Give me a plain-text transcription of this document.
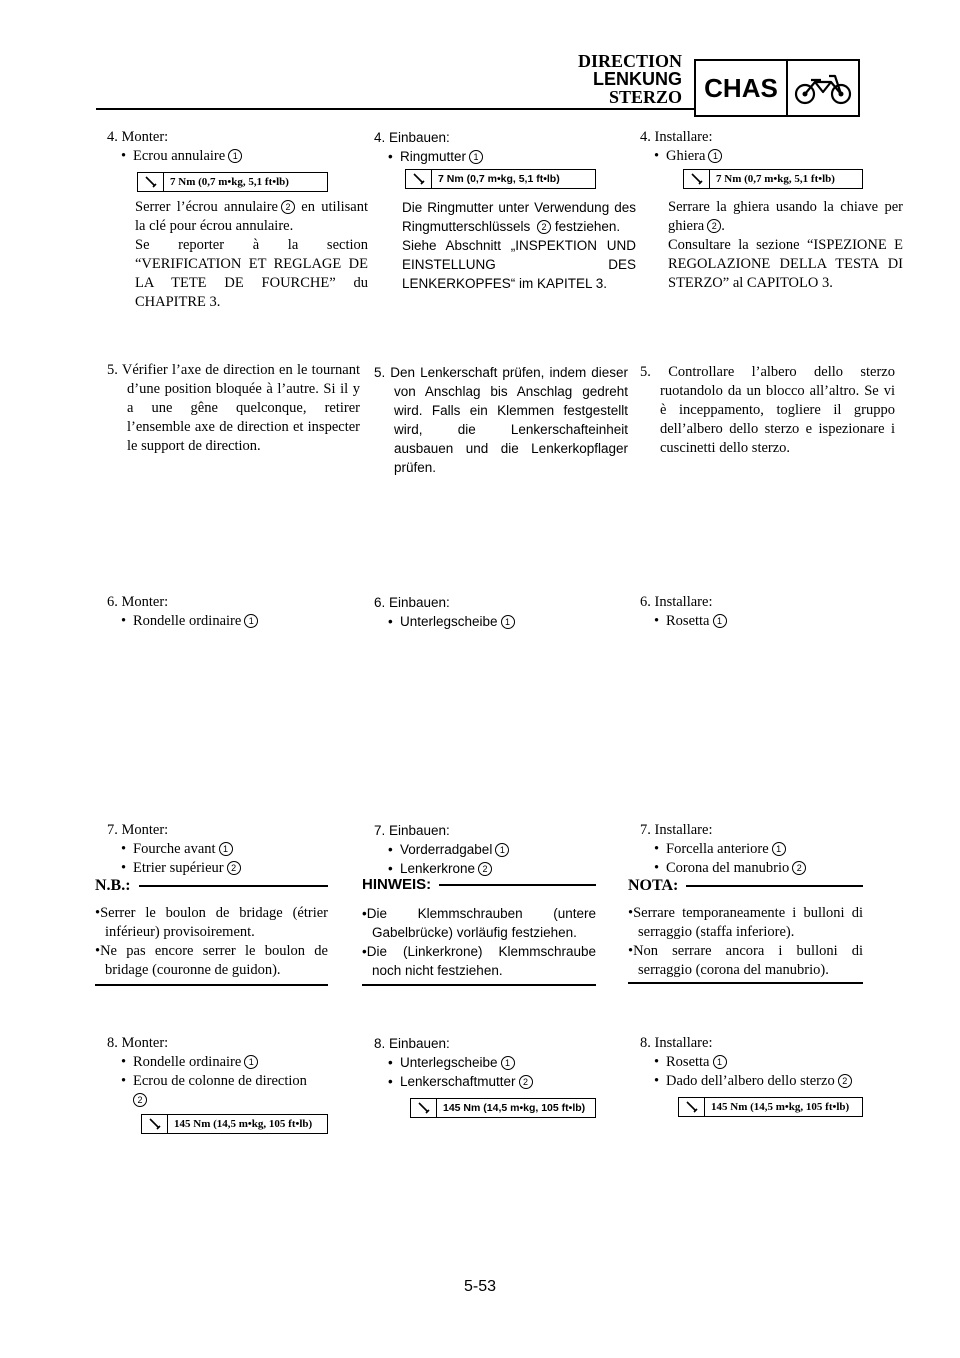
DIRECTION
LENKUNG
STERZO CHAS
4. Monter:
• Ecrou annulaire 1
7 Nm (0,7 m•kg, 5,1 ft•lb)
Serrer l’écrou annulaire 2 en utilisant la clé pour écrou annulaire.
Se reporter à la section “VERIFICATION ET REGLAGE DE LA TETE DE FOURCHE” du CHAPITRE 3.
5. Vérifier l’axe de direction en le tournant d’une position bloquée à l’autre. Si il y a une gêne quelconque, retirer l’ensemble axe de direction et inspecter le support de direction.
6. Monter:
• Rondelle ordinaire 1
7. Monter:
• Fourche avant 1
• Etrier supérieur 2
N.B.:
•Serrer le boulon de bridage (étrier inférieur) provisoirement.
•Ne pas encore serrer le boulon de bridage (couronne de guidon).
8. Monter:
• Rondelle ordinaire 1
• Ecrou de colonne de direction
2
145 Nm (14,5 m•kg, 105 ft•lb)
4. Einbauen:
• Ringmutter 1
7 Nm (0,7 m•kg, 5,1 ft•lb)
Die Ringmutter unter Verwendung des Ringmutterschlüssels 2 festziehen.
Siehe Abschnitt „INSPEKTION UND EINSTELLUNG DES LENKERKOPFES“ im KAPITEL 3.
5. Den Lenkerschaft prüfen, indem dieser von Anschlag bis Anschlag gedreht wird. Falls ein Klemmen festgestellt wird, die Lenkerschafteinheit ausbauen und die Lenkerkopflager prüfen.
6. Einbauen:
• Unterlegscheibe 1
7. Einbauen:
• Vorderradgabel 1
• Lenkerkrone 2
HINWEIS:
•Die Klemmschrauben (untere Gabelbrücke) vorläufig festziehen.
•Die (Linkerkrone) Klemmschraube noch nicht festziehen.
8. Einbauen:
• Unterlegscheibe 1
• Lenkerschaftmutter 2
145 Nm (14,5 m•kg, 105 ft•lb)
4. Installare:
• Ghiera 1
7 Nm (0,7 m•kg, 5,1 ft•lb)
Serrare la ghiera usando la chiave per ghiera 2 .
Consultare la sezione “ISPEZIONE E REGOLAZIONE DELLA TESTA DI STERZO” al CAPITOLO 3.
5. Controllare l’albero dello sterzo ruotandolo da un blocco all’altro. Se vi è inceppamento, togliere il gruppo dell’albero dello sterzo e ispezionare i cuscinetti dello sterzo.
6. Installare:
• Rosetta 1
7. Installare:
• Forcella anteriore 1
• Corona del manubrio 2
NOTA:
•Serrare temporaneamente i bulloni di serraggio (staffa inferiore).
•Non serrare ancora i bulloni di serraggio (corona del manubrio).
8. Installare:
• Rosetta 1
• Dado dell’albero dello sterzo 2
145 Nm (14,5 m•kg, 105 ft•lb)
5-53
